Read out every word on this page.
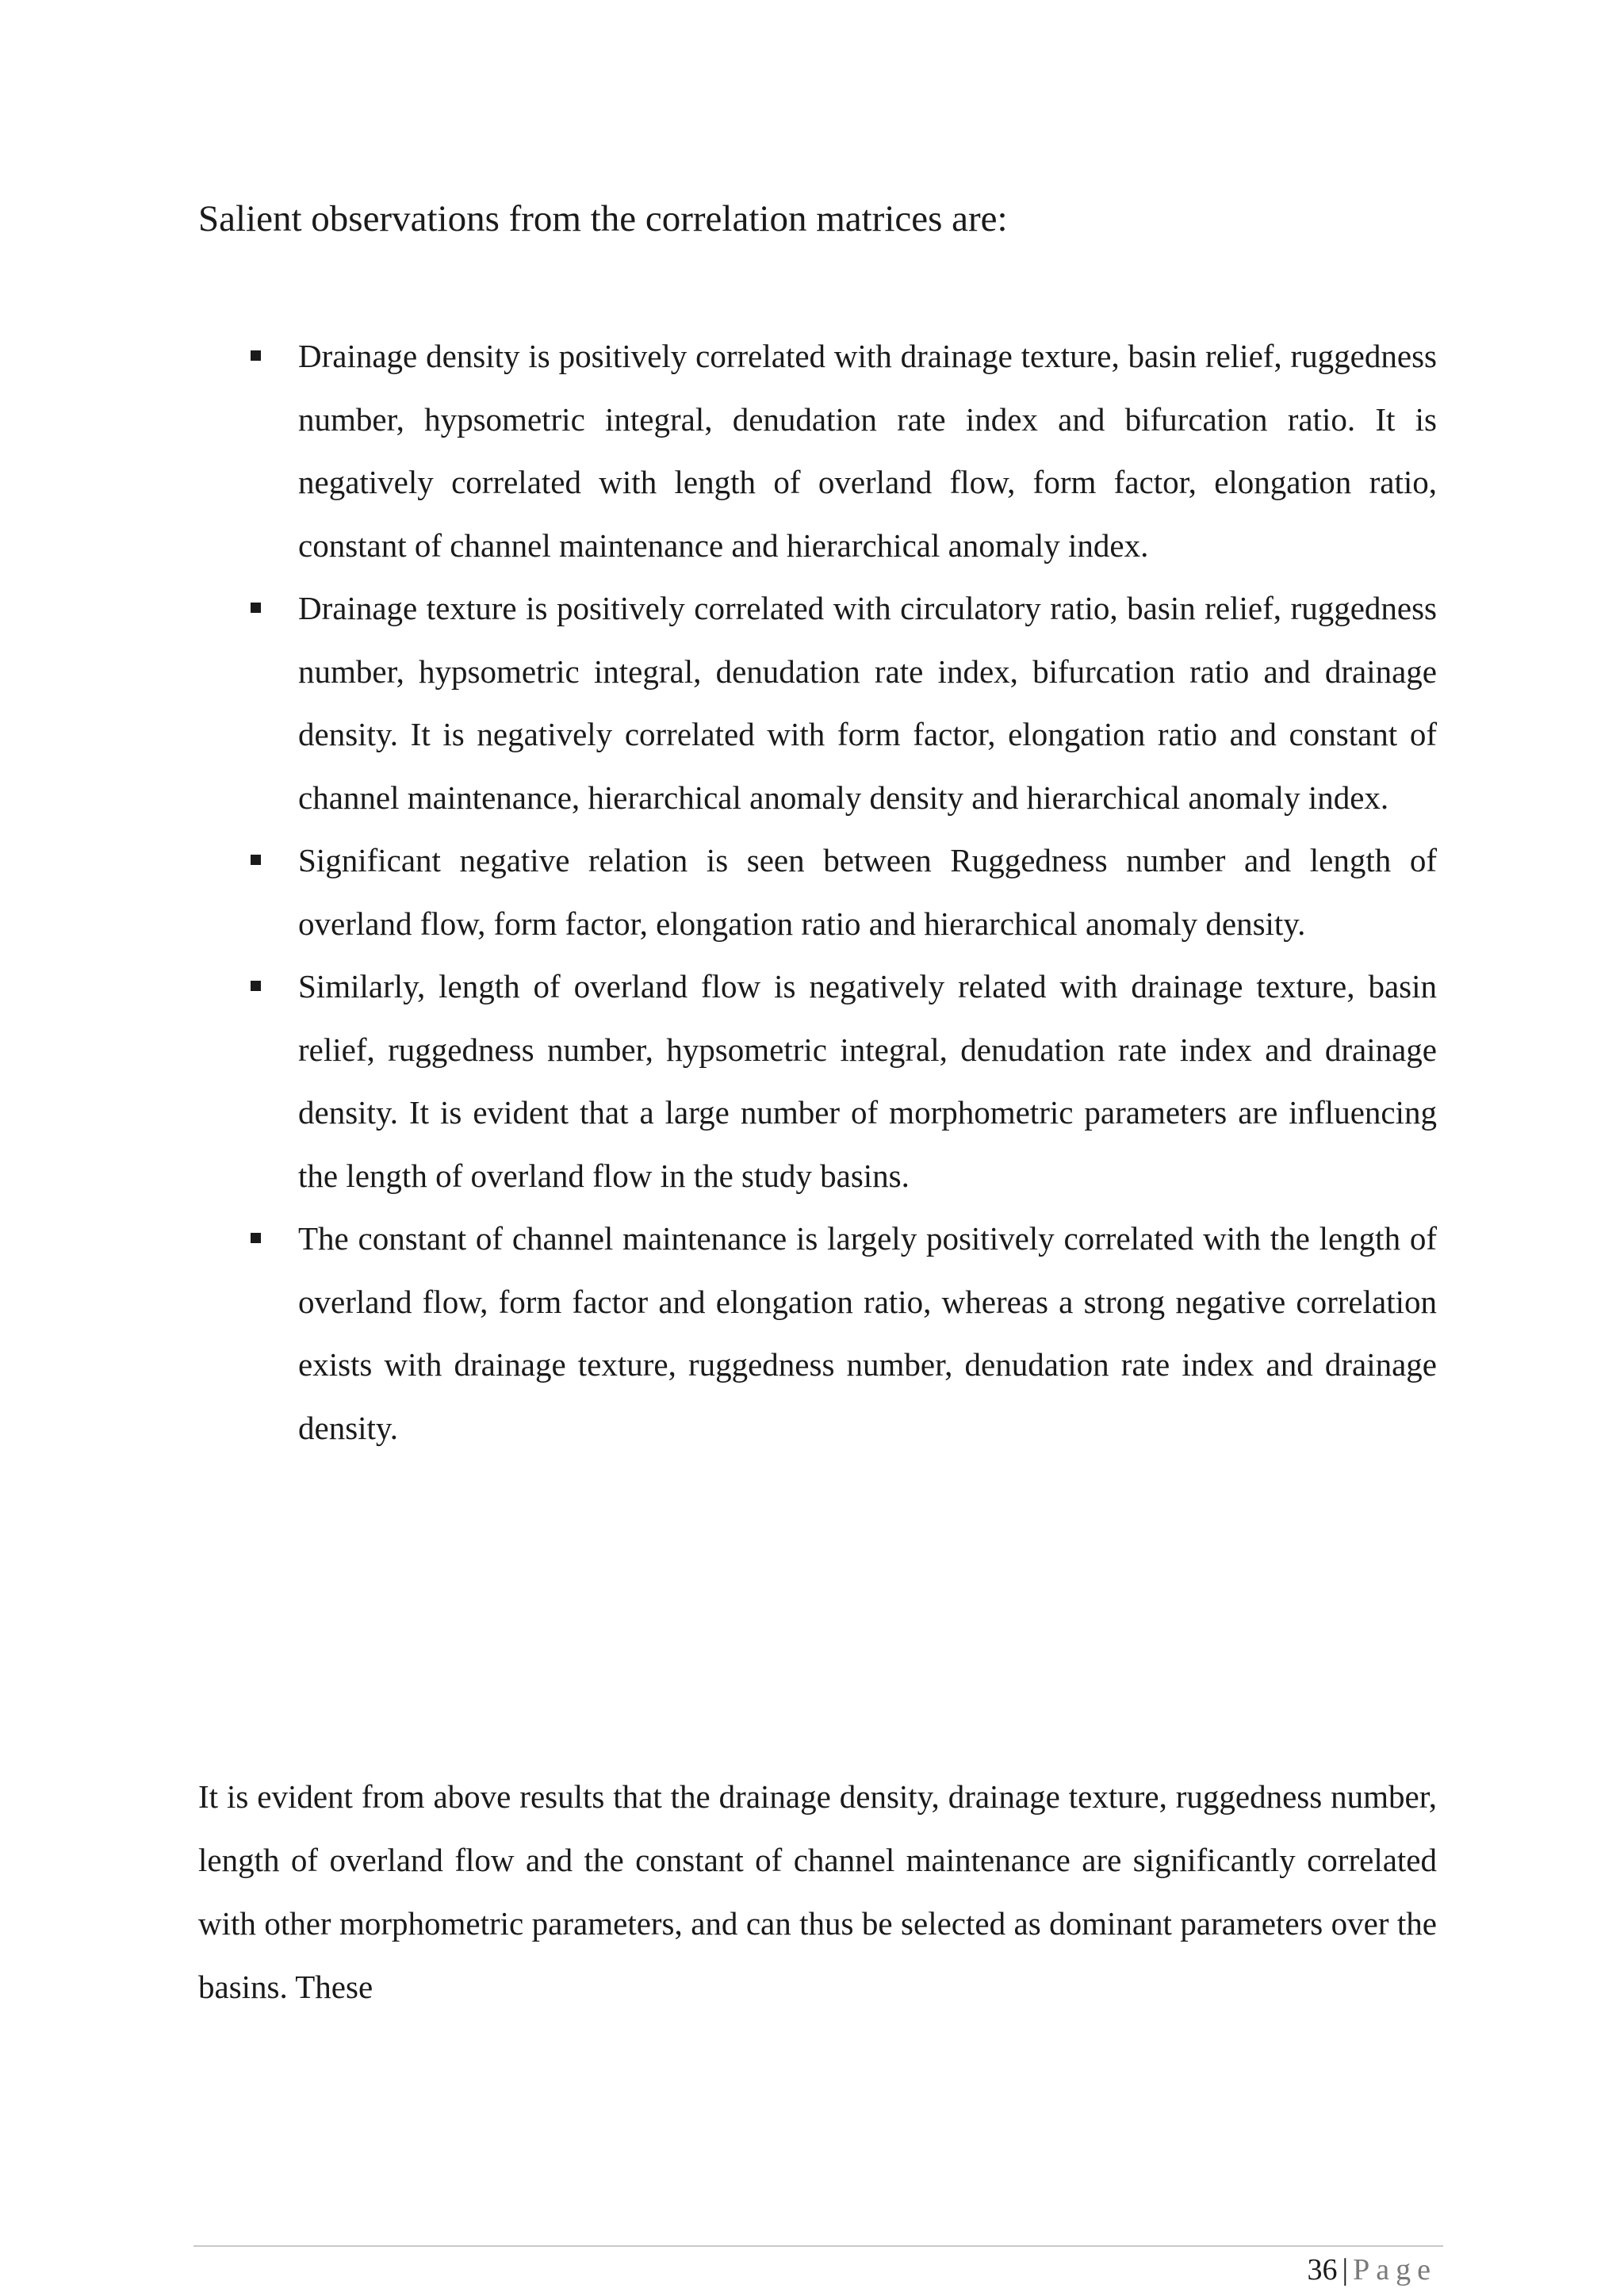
Salient observations from the correlation matrices are:
Drainage density is positively correlated with drainage texture, basin relief, ruggedness number, hypsometric integral, denudation rate index and bifurcation ratio. It is negatively correlated with length of overland flow, form factor, elongation ratio, constant of channel maintenance and hierarchical anomaly index.
Drainage texture is positively correlated with circulatory ratio, basin relief, ruggedness number, hypsometric integral, denudation rate index, bifurcation ratio and drainage density. It is negatively correlated with form factor, elongation ratio and constant of channel maintenance, hierarchical anomaly density and hierarchical anomaly index.
Significant negative relation is seen between Ruggedness number and length of overland flow, form factor, elongation ratio and hierarchical anomaly density.
Similarly, length of overland flow is negatively related with drainage texture, basin relief, ruggedness number, hypsometric integral, denudation rate index and drainage density. It is evident that a large number of morphometric parameters are influencing the length of overland flow in the study basins.
The constant of channel maintenance is largely positively correlated with the length of overland flow, form factor and elongation ratio, whereas a strong negative correlation exists with drainage texture, ruggedness number, denudation rate index and drainage density.

It is evident from above results that the drainage density, drainage texture, ruggedness number, length of overland flow and the constant of channel maintenance are significantly correlated with other morphometric parameters, and can thus be selected as dominant parameters over the basins. These

36 | Page
